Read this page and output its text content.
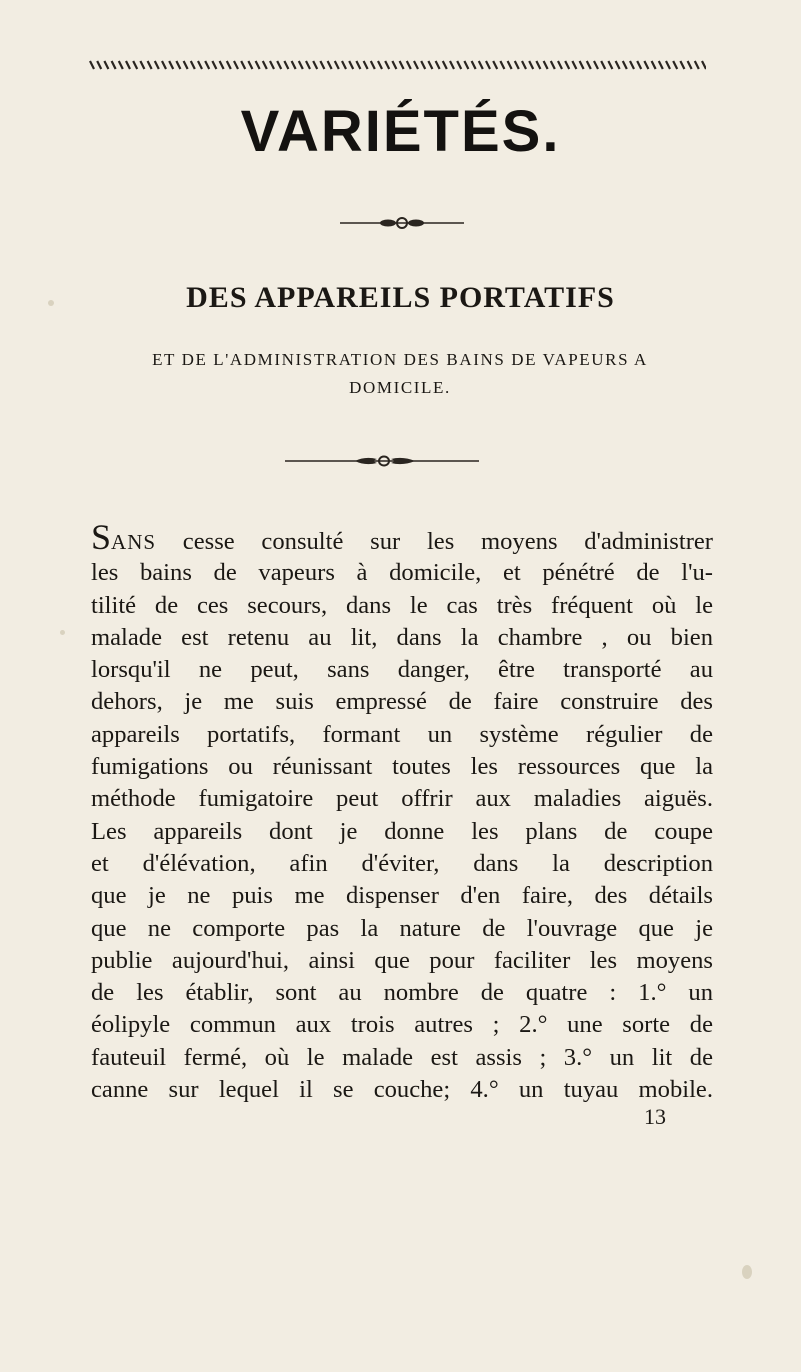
VARIÉTÉS.
DES APPAREILS PORTATIFS
ET DE L'ADMINISTRATION DES BAINS DE VAPEURS A DOMICILE.
SANS cesse consulté sur les moyens d'administrer
les bains de vapeurs à domicile, et pénétré de l'u-
tilité de ces secours, dans le cas très fréquent où le
malade est retenu au lit, dans la chambre , ou bien
lorsqu'il ne peut, sans danger, être transporté au
dehors, je me suis empressé de faire construire des
appareils portatifs, formant un système régulier de
fumigations ou réunissant toutes les ressources que la
méthode fumigatoire peut offrir aux maladies aiguës.
Les appareils dont je donne les plans de coupe
et d'élévation, afin d'éviter, dans la description
que je ne puis me dispenser d'en faire, des détails
que ne comporte pas la nature de l'ouvrage que je
publie aujourd'hui, ainsi que pour faciliter les moyens
de les établir, sont au nombre de quatre : 1.° un
éolipyle commun aux trois autres ; 2.° une sorte de
fauteuil fermé, où le malade est assis ; 3.° un lit de
canne sur lequel il se couche; 4.° un tuyau mobile.
13
